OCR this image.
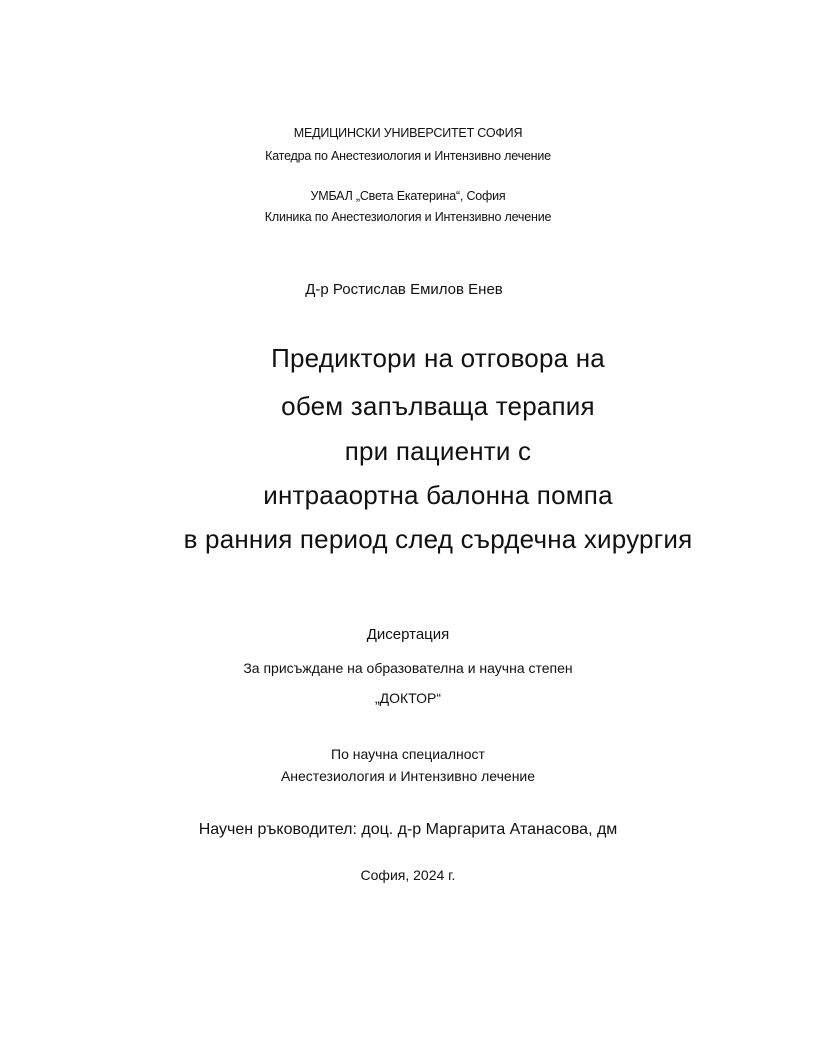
МЕДИЦИНСКИ УНИВЕРСИТЕТ СОФИЯ
Катедра по Анестезиология и Интензивно лечение
УМБАЛ „Света Екатерина“, София
Клиника по Анестезиология и Интензивно лечение
Д-р Ростислав Емилов Енев
Предиктори на отговора на
обем запълваща терапия
при пациенти с
интрааортна балонна помпа
в ранния период след сърдечна хирургия
Дисертация
За присъждане на образователна и научна степен
„ДОКТОР“
По научна специалност
Анестезиология и Интензивно лечение
Научен ръководител: доц. д-р Маргарита Атанасова, дм
София, 2024 г.
